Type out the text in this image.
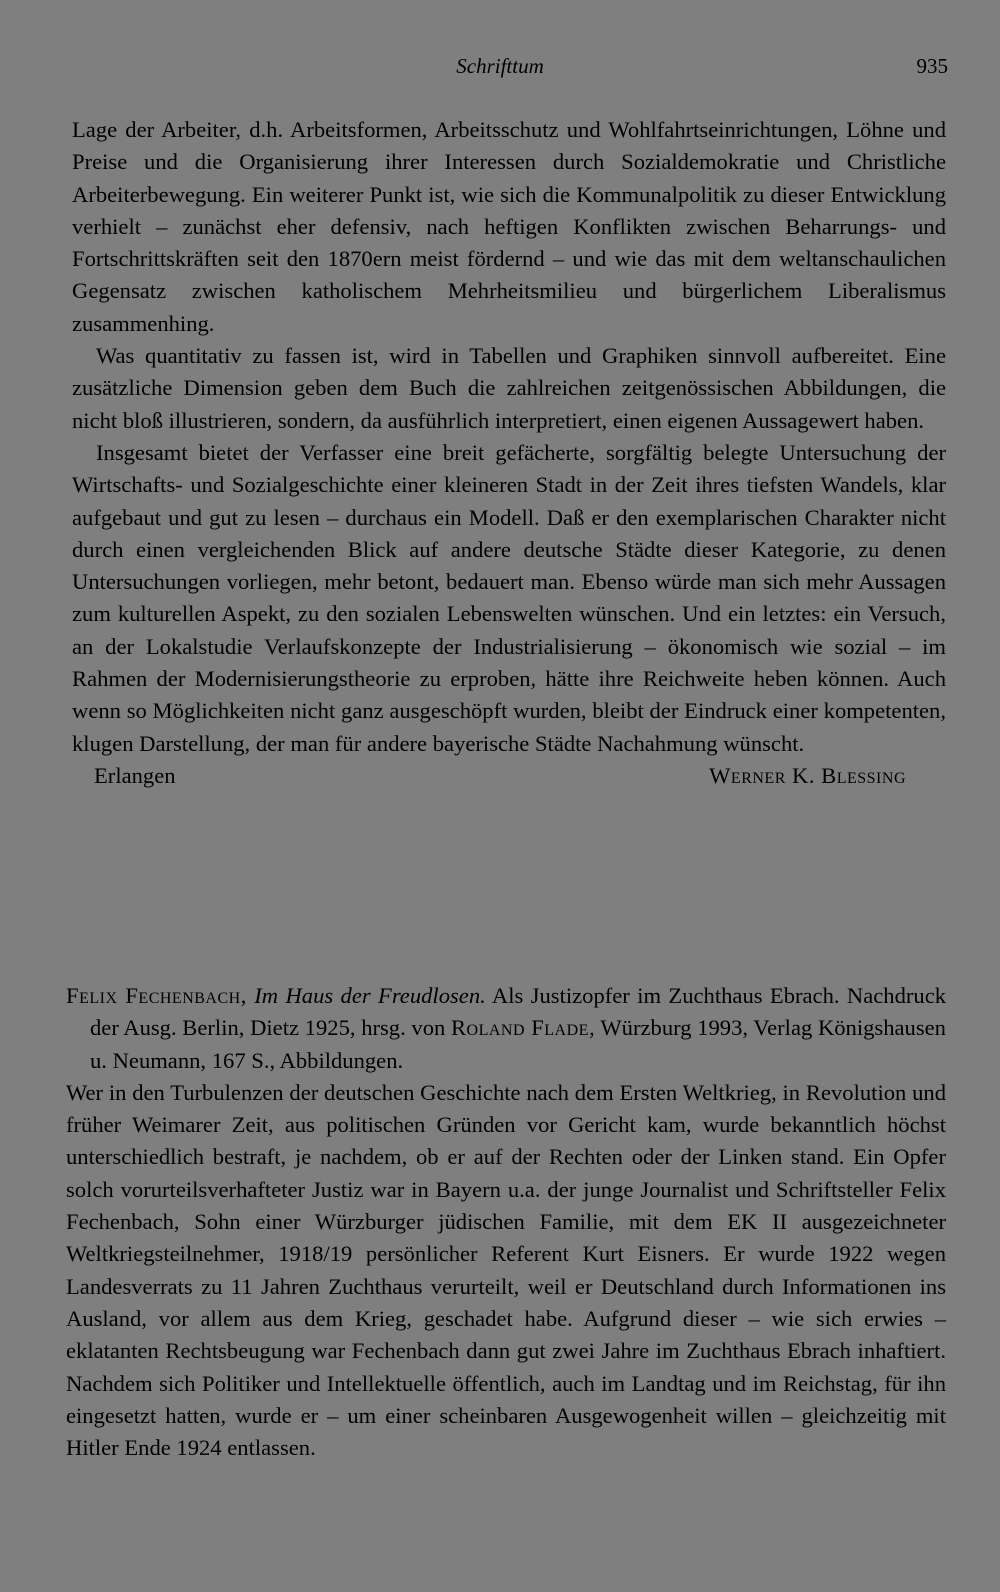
Schrifttum	935

Lage der Arbeiter, d.h. Arbeitsformen, Arbeitsschutz und Wohlfahrtseinrichtungen, Löhne und Preise und die Organisierung ihrer Interessen durch Sozialdemokratie und Christliche Arbeiterbewegung. Ein weiterer Punkt ist, wie sich die Kommunalpolitik zu dieser Entwicklung verhielt – zunächst eher defensiv, nach heftigen Konflikten zwischen Beharrungs- und Fortschrittskräften seit den 1870ern meist fördernd – und wie das mit dem weltanschaulichen Gegensatz zwischen katholischem Mehrheitsmilieu und bürgerlichem Liberalismus zusammenhing.

Was quantitativ zu fassen ist, wird in Tabellen und Graphiken sinnvoll aufbereitet. Eine zusätzliche Dimension geben dem Buch die zahlreichen zeitgenössischen Abbildungen, die nicht bloß illustrieren, sondern, da ausführlich interpretiert, einen eigenen Aussagewert haben.

Insgesamt bietet der Verfasser eine breit gefächerte, sorgfältig belegte Untersuchung der Wirtschafts- und Sozialgeschichte einer kleineren Stadt in der Zeit ihres tiefsten Wandels, klar aufgebaut und gut zu lesen – durchaus ein Modell. Daß er den exemplarischen Charakter nicht durch einen vergleichenden Blick auf andere deutsche Städte dieser Kategorie, zu denen Untersuchungen vorliegen, mehr betont, bedauert man. Ebenso würde man sich mehr Aussagen zum kulturellen Aspekt, zu den sozialen Lebenswelten wünschen. Und ein letztes: ein Versuch, an der Lokalstudie Verlaufskonzepte der Industrialisierung – ökonomisch wie sozial – im Rahmen der Modernisierungstheorie zu erproben, hätte ihre Reichweite heben können. Auch wenn so Möglichkeiten nicht ganz ausgeschöpft wurden, bleibt der Eindruck einer kompetenten, klugen Darstellung, der man für andere bayerische Städte Nachahmung wünscht.

Erlangen	Werner K. Blessing

Felix Fechenbach, Im Haus der Freudlosen. Als Justizopfer im Zuchthaus Ebrach. Nachdruck der Ausg. Berlin, Dietz 1925, hrsg. von Roland Flade, Würzburg 1993, Verlag Königshausen u. Neumann, 167 S., Abbildungen.

Wer in den Turbulenzen der deutschen Geschichte nach dem Ersten Weltkrieg, in Revolution und früher Weimarer Zeit, aus politischen Gründen vor Gericht kam, wurde bekanntlich höchst unterschiedlich bestraft, je nachdem, ob er auf der Rechten oder der Linken stand. Ein Opfer solch vorurteilsverhafteter Justiz war in Bayern u.a. der junge Journalist und Schriftsteller Felix Fechenbach, Sohn einer Würzburger jüdischen Familie, mit dem EK II ausgezeichneter Weltkriegsteilnehmer, 1918/19 persönlicher Referent Kurt Eisners. Er wurde 1922 wegen Landesverrats zu 11 Jahren Zuchthaus verurteilt, weil er Deutschland durch Informationen ins Ausland, vor allem aus dem Krieg, geschadet habe. Aufgrund dieser – wie sich erwies – eklatanten Rechtsbeugung war Fechenbach dann gut zwei Jahre im Zuchthaus Ebrach inhaftiert. Nachdem sich Politiker und Intellektuelle öffentlich, auch im Landtag und im Reichstag, für ihn eingesetzt hatten, wurde er – um einer scheinbaren Ausgewogenheit willen – gleichzeitig mit Hitler Ende 1924 entlassen.
